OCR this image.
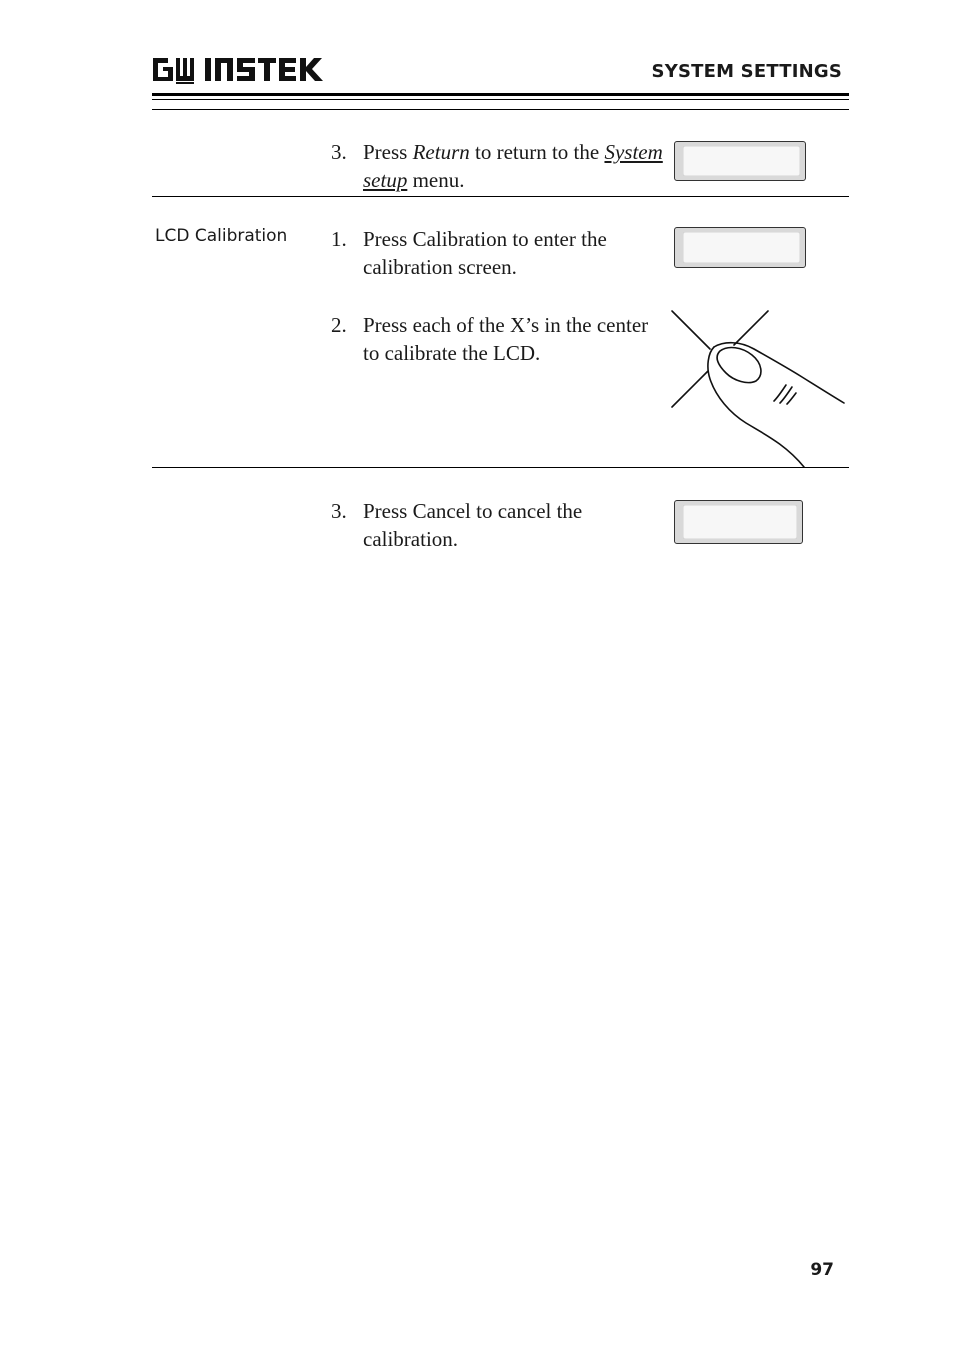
SYSTEM SETTINGS
3. Press Return to return to the System setup menu.
LCD Calibration 1. Press Calibration to enter the calibration screen.
2. Press each of the X’s in the center to calibrate the LCD.
3. Press Cancel to cancel the calibration.
97
